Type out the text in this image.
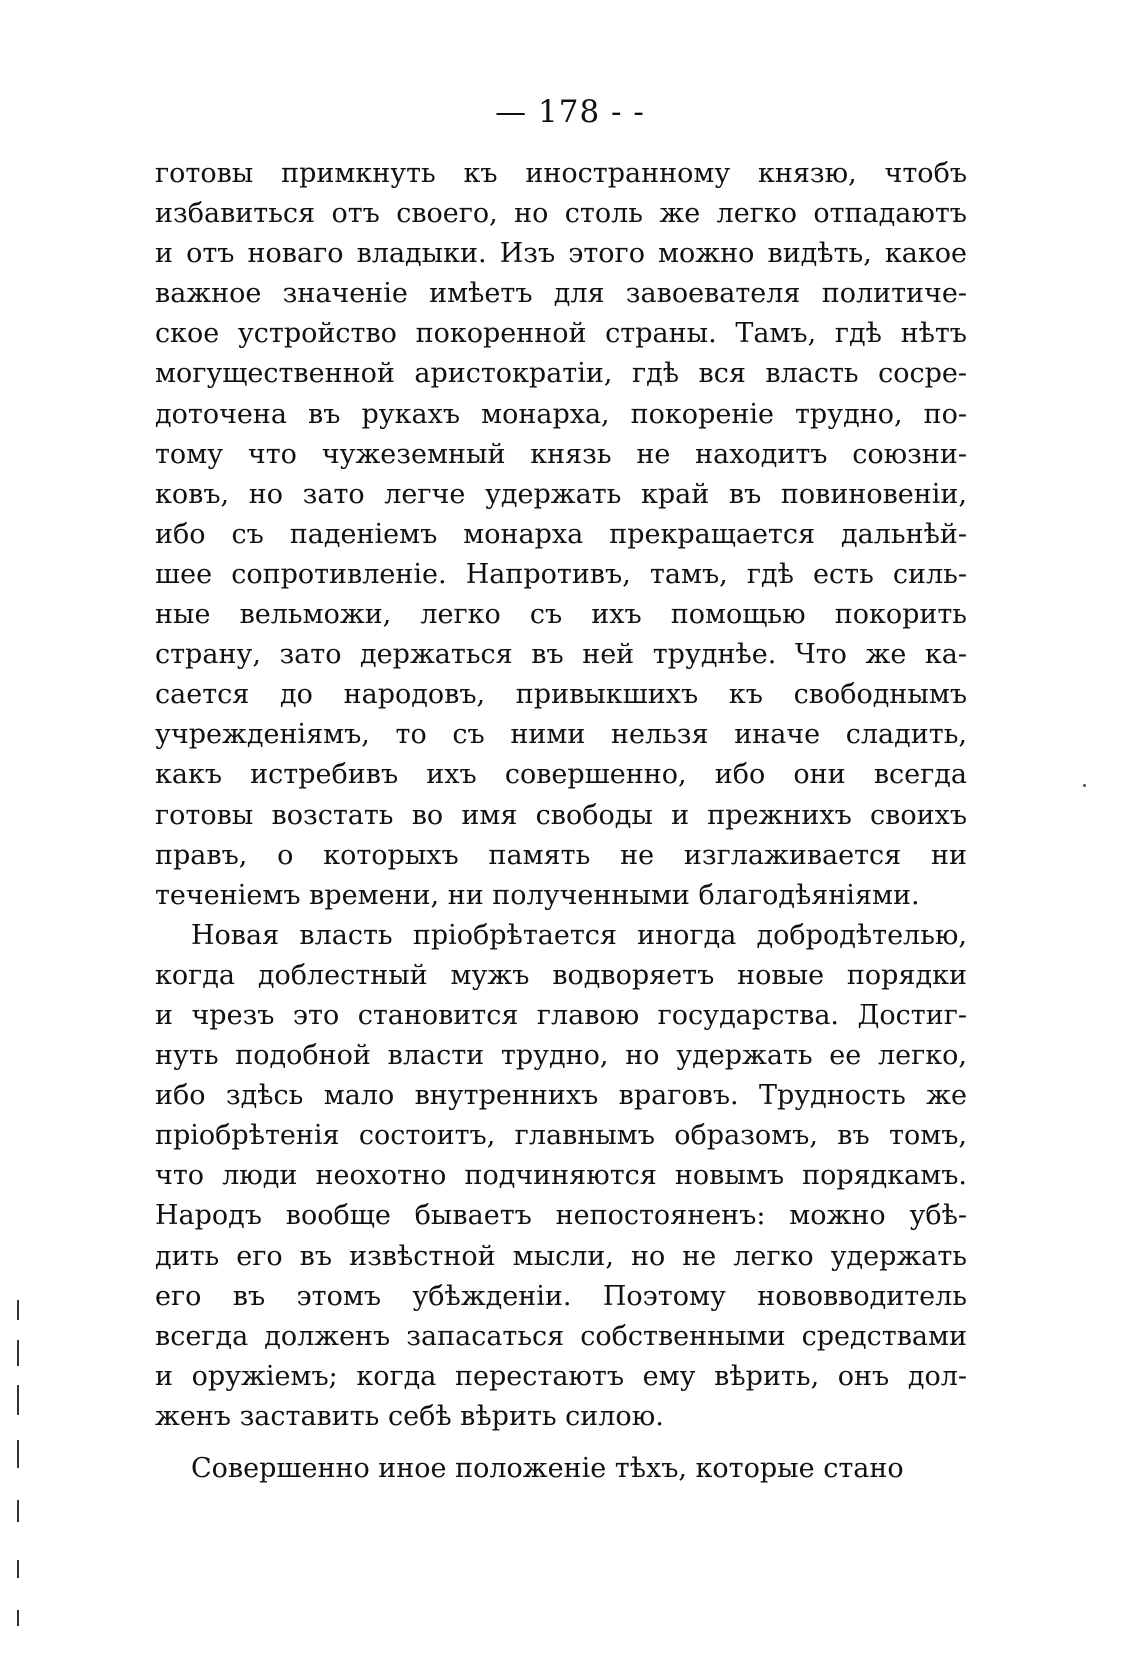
— 178 - -
готовы примкнуть къ иностранному князю, чтобъ
избавиться отъ своего, но столь же легко отпадаютъ
и отъ новаго владыки. Изъ этого можно видѣть, какое
важное значенiе имѣетъ для завоевателя политиче-
ское устройство покоренной страны. Тамъ, гдѣ нѣтъ
могущественной аристократiи, гдѣ вся власть сосре-
доточена въ рукахъ монарха, покоренiе трудно, по-
тому что чужеземный князь не находитъ союзни-
ковъ, но зато легче удержать край въ повиновенiи,
ибо съ паденiемъ монарха прекращается дальнѣй-
шее сопротивленiе. Напротивъ, тамъ, гдѣ есть силь-
ные вельможи, легко съ ихъ помощью покорить
страну, зато держаться въ ней труднѣе. Что же ка-
сается до народовъ, привыкшихъ къ свободнымъ
учрежденiямъ, то съ ними нельзя иначе сладить,
какъ истребивъ ихъ совершенно, ибо они всегда
готовы возстать во имя свободы и прежнихъ своихъ
правъ, о которыхъ память не изглаживается ни
теченiемъ времени, ни полученными благодѣянiями.
Новая власть прiобрѣтается иногда добродѣтелью,
когда доблестный мужъ водворяетъ новые порядки
и чрезъ это становится главою государства. Достиг-
нуть подобной власти трудно, но удержать ее легко,
ибо здѣсь мало внутреннихъ враговъ. Трудность же
прiобрѣтенiя состоитъ, главнымъ образомъ, въ томъ,
что люди неохотно подчиняются новымъ порядкамъ.
Народъ вообще бываетъ непостояненъ: можно убѣ-
дить его въ извѣстной мысли, но не легко удержать
его въ этомъ убѣжденiи. Поэтому нововводитель
всегда долженъ запасаться собственными средствами
и оружiемъ; когда перестаютъ ему вѣрить, онъ дол-
женъ заставить себѣ вѣрить силою.
Совершенно иное положенiе тѣхъ, которые стано
